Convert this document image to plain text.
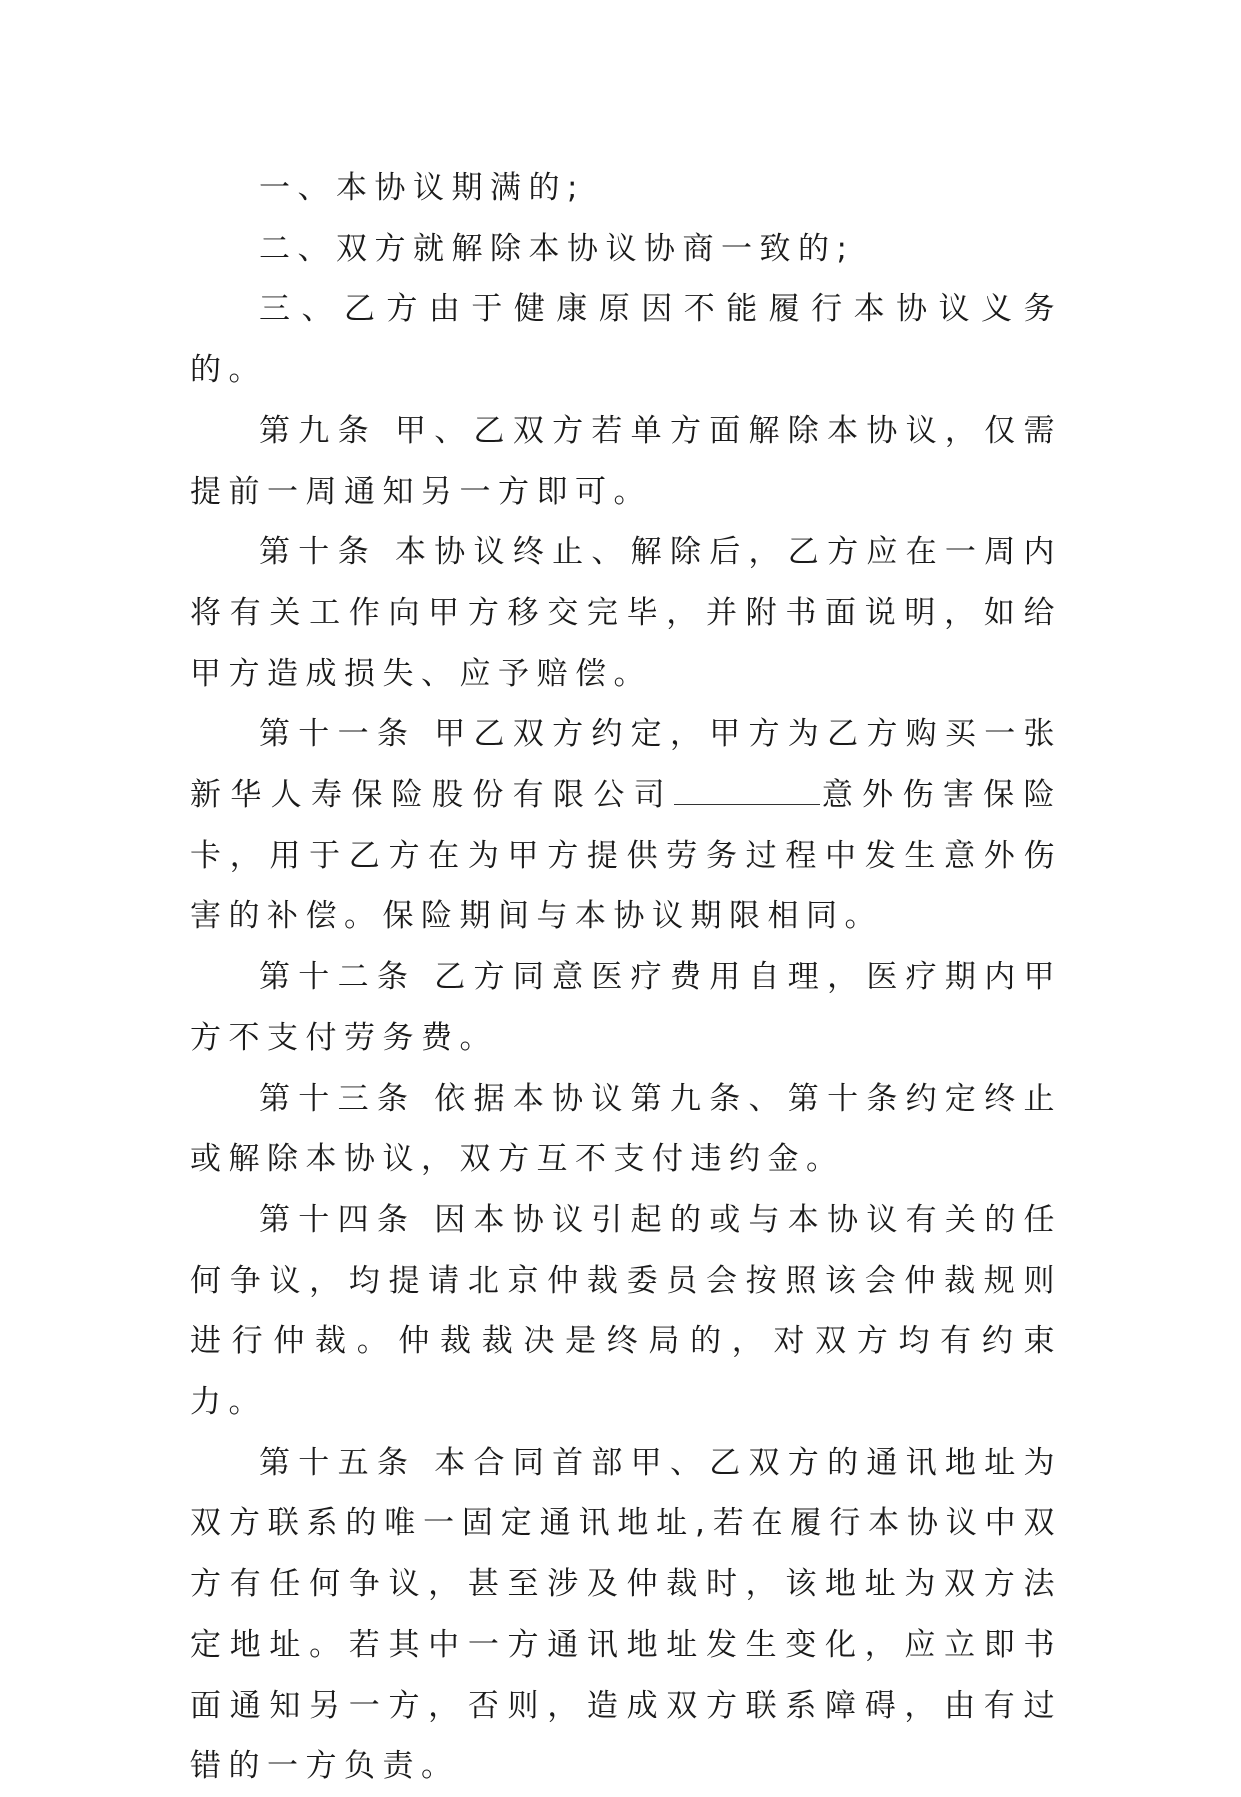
一、本协议期满的;

二、双方就解除本协议协商一致的;

三、乙方由于健康原因不能履行本协议义务的。

第九条 甲、乙双方若单方面解除本协议，仅需提前一周通知另一方即可。

第十条 本协议终止、解除后，乙方应在一周内将有关工作向甲方移交完毕，并附书面说明，如给甲方造成损失、应予赔偿。

第十一条 甲乙双方约定，甲方为乙方购买一张新华人寿保险股份有限公司	意外伤害保险卡，用于乙方在为甲方提供劳务过程中发生意外伤害的补偿。保险期间与本协议期限相同。

第十二条 乙方同意医疗费用自理，医疗期内甲方不支付劳务费。

第十三条 依据本协议第九条、第十条约定终止或解除本协议，双方互不支付违约金。

第十四条 因本协议引起的或与本协议有关的任何争议，均提请北京仲裁委员会按照该会仲裁规则进行仲裁。仲裁裁决是终局的，对双方均有约束力。

第十五条 本合同首部甲、乙双方的通讯地址为双方联系的唯一固定通讯地址,若在履行本协议中双方有任何争议，甚至涉及仲裁时，该地址为双方法定地址。若其中一方通讯地址发生变化，应立即书面通知另一方，否则，造成双方联系障碍，由有过错的一方负责。
